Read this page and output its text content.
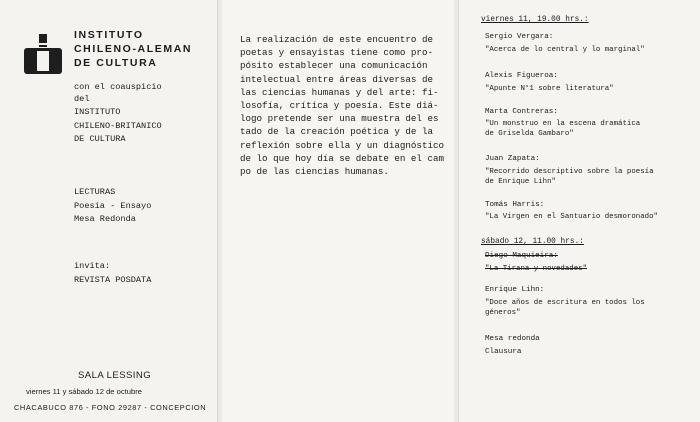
INSTITUTO
CHILENO-ALEMAN
DE CULTURA
con el coauspicio
del
INSTITUTO
CHILENO-BRITANICO
DE CULTURA
LECTURAS
Poesía - Ensayo
Mesa Redonda
invita:
REVISTA POSDATA
SALA LESSING
viernes 11 y sábado 12 de octubre
CHACABUCO 876 - FONO 29287 - CONCEPCION
La realización de este encuentro de
poetas y ensayistas tiene como pro-
pósito establecer una comunicación
intelectual entre áreas diversas de
las ciencias humanas y del arte: fi-
losofía, crítica y poesía. Este diá-
logo pretende ser una muestra del es
tado de la creación poética y de la
reflexión sobre ella y un diagnóstico
de lo que hoy día se debate en el cam
po de las ciencias humanas.
viernes 11, 19.00 hrs.:
Sergio Vergara:
"Acerca de lo central y lo marginal"
Alexis Figueroa:
"Apunte N°1 sobre literatura"
Marta Contreras:
"Un monstruo en la escena dramática
de Griselda Gambaro"
Juan Zapata:
"Recorrido descriptivo sobre la poesía
de Enrique Lihn"
Tomás Harris:
"La Virgen en el Santuario desmoronado"
sábado 12, 11.00 hrs.:
Diego Maquieira:
"La Tirana y novedades"
Enrique Lihn:
"Doce años de escritura en todos los
géneros"
Mesa redonda
Clausura
